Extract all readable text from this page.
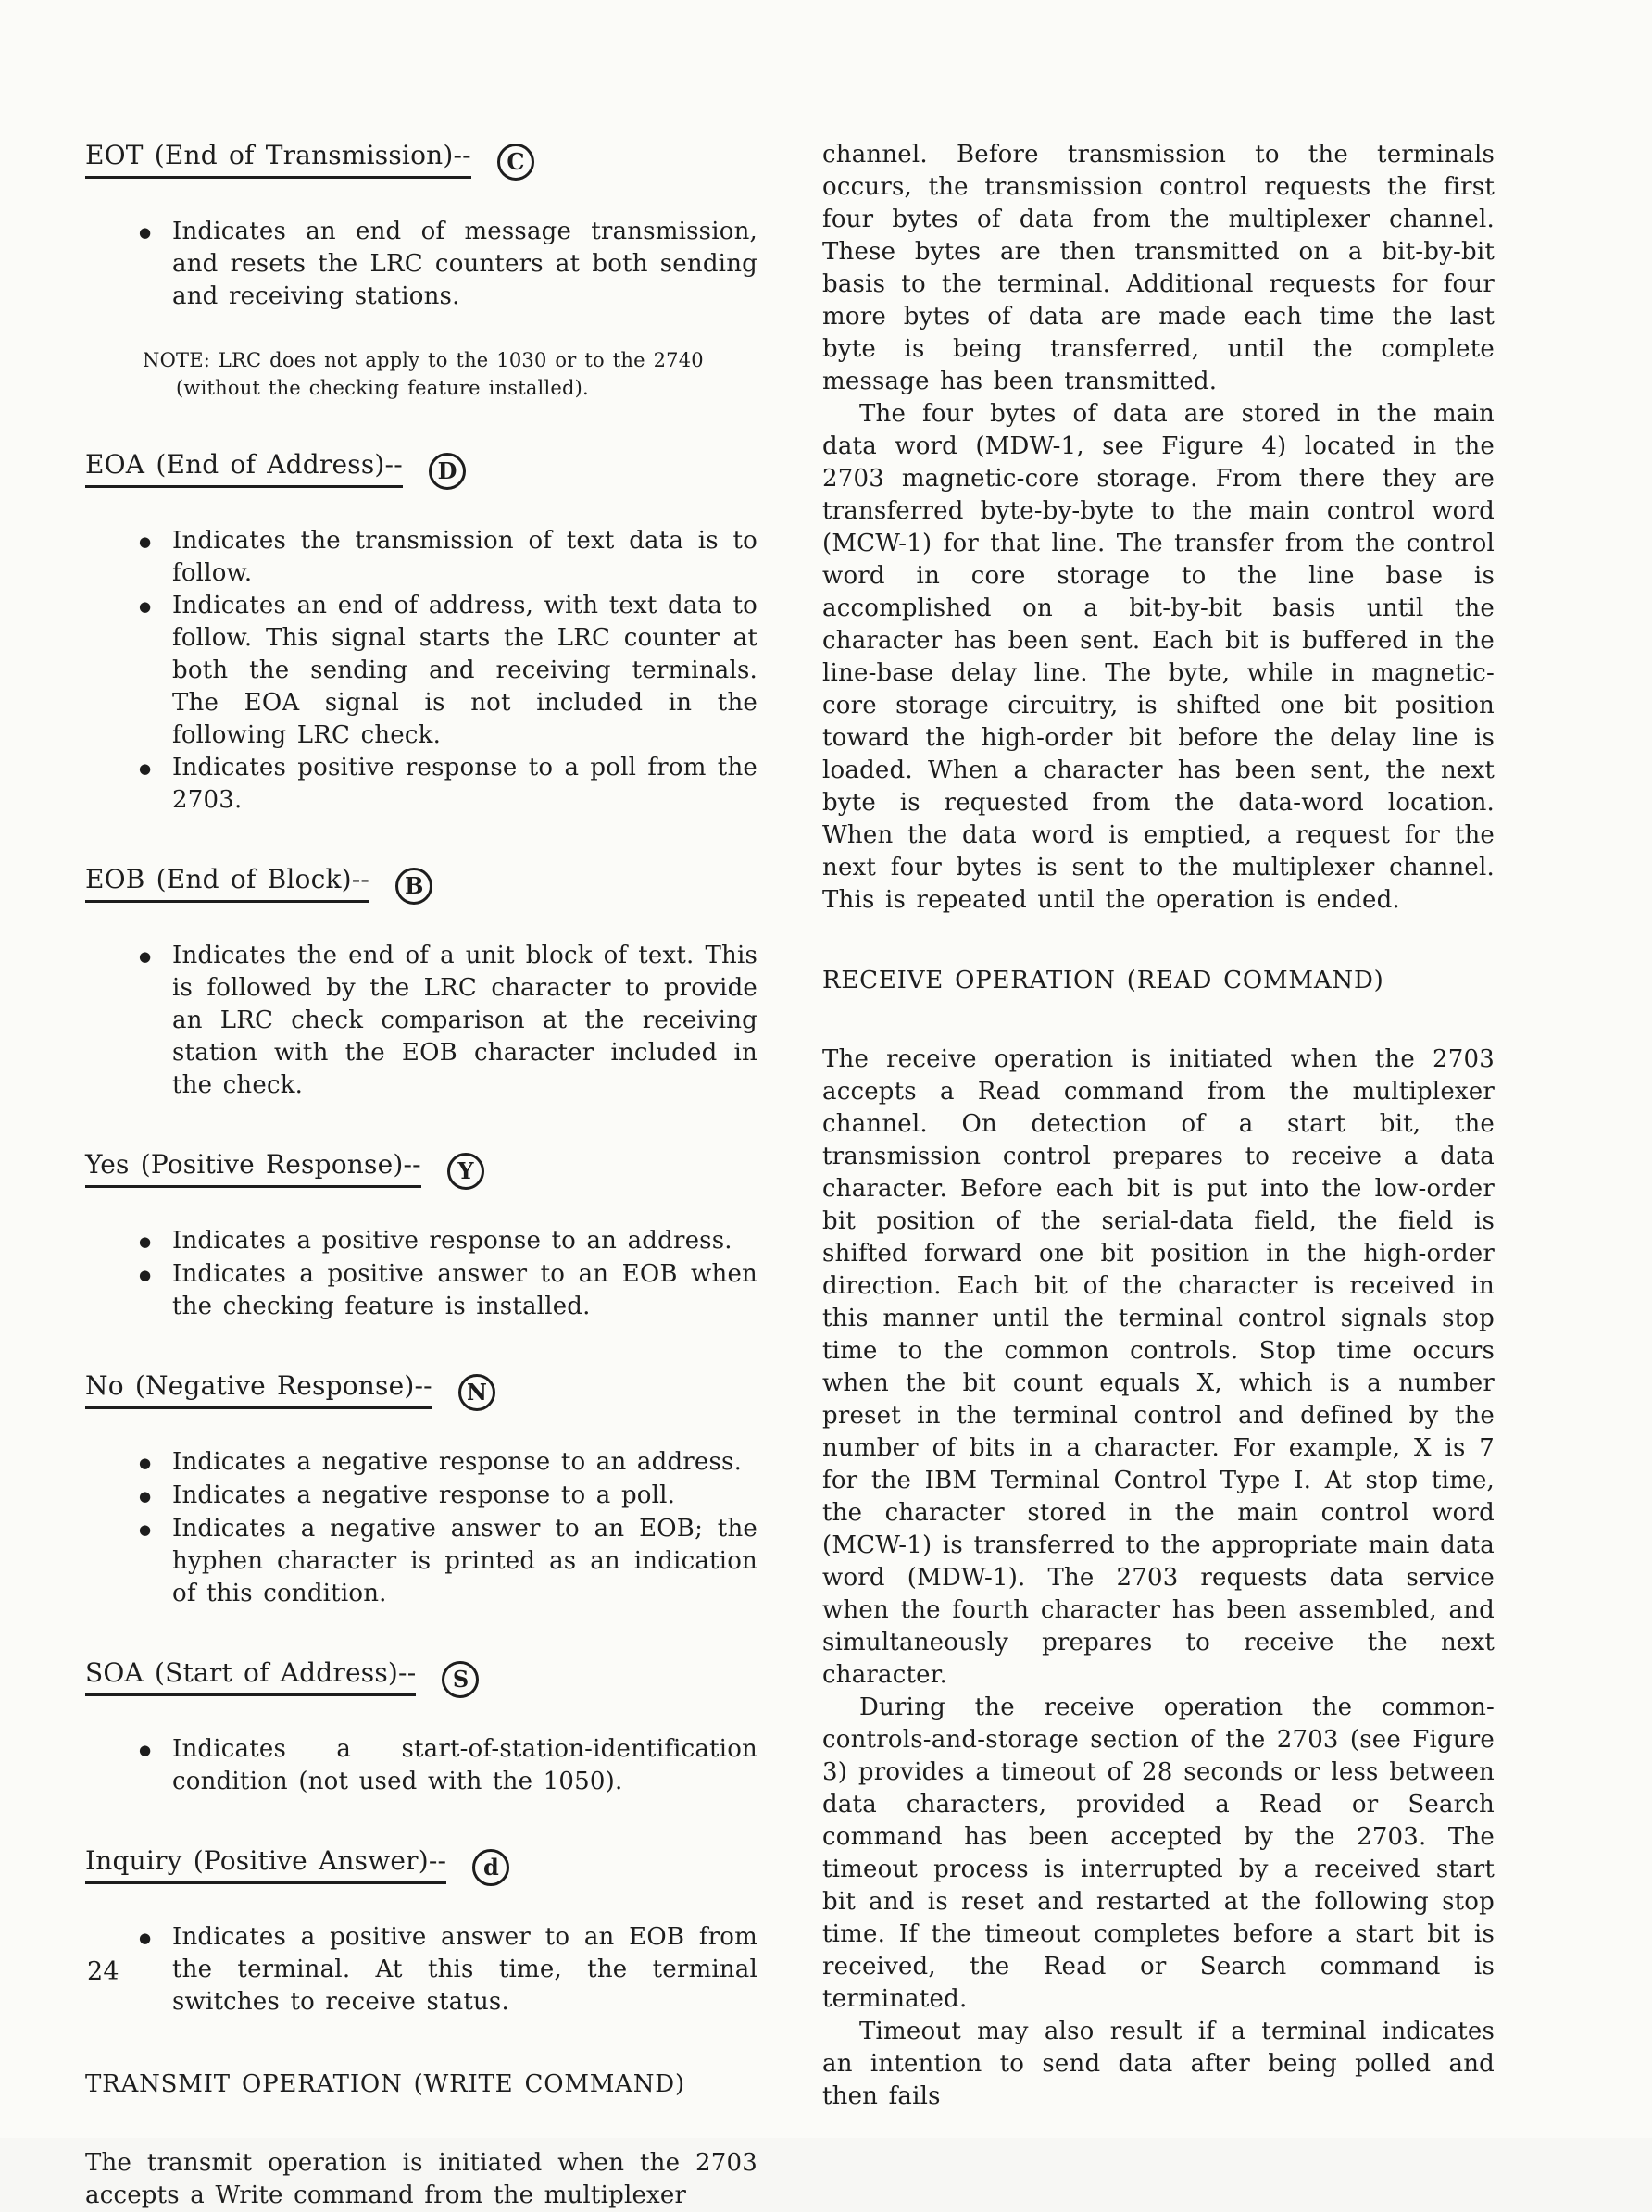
EOT (End of Transmission)-- C
● Indicates an end of message transmission, and resets the LRC counters at both sending and receiving stations.

NOTE: LRC does not apply to the 1030 or to the 2740 (without the checking feature installed).

EOA (End of Address)-- D
● Indicates the transmission of text data is to follow.
● Indicates an end of address, with text data to follow. This signal starts the LRC counter at both the sending and receiving terminals. The EOA signal is not included in the following LRC check.
● Indicates positive response to a poll from the 2703.
EOB (End of Block)-- B
● Indicates the end of a unit block of text. This is followed by the LRC character to provide an LRC check comparison at the receiving station with the EOB character included in the check.
Yes (Positive Response)-- Y
● Indicates a positive response to an address.
● Indicates a positive answer to an EOB when the checking feature is installed.
No (Negative Response)-- N
● Indicates a negative response to an address.
● Indicates a negative response to a poll.
● Indicates a negative answer to an EOB; the hyphen character is printed as an indication of this condition.
SOA (Start of Address)-- S
● Indicates a start-of-station-identification condition (not used with the 1050).
Inquiry (Positive Answer)-- d
● Indicates a positive answer to an EOB from the terminal. At this time, the terminal switches to receive status.
TRANSMIT OPERATION (WRITE COMMAND)

The transmit operation is initiated when the 2703 accepts a Write command from the multiplexer

channel. Before transmission to the terminals occurs, the transmission control requests the first four bytes of data from the multiplexer channel. These bytes are then transmitted on a bit-by-bit basis to the terminal. Additional requests for four more bytes of data are made each time the last byte is being transferred, until the complete message has been transmitted.

The four bytes of data are stored in the main data word (MDW-1, see Figure 4) located in the 2703 magnetic-core storage. From there they are transferred byte-by-byte to the main control word (MCW-1) for that line. The transfer from the control word in core storage to the line base is accomplished on a bit-by-bit basis until the character has been sent. Each bit is buffered in the line-base delay line. The byte, while in magnetic-core storage circuitry, is shifted one bit position toward the high-order bit before the delay line is loaded. When a character has been sent, the next byte is requested from the data-word location. When the data word is emptied, a request for the next four bytes is sent to the multiplexer channel. This is repeated until the operation is ended.

RECEIVE OPERATION (READ COMMAND)

The receive operation is initiated when the 2703 accepts a Read command from the multiplexer channel. On detection of a start bit, the transmission control prepares to receive a data character. Before each bit is put into the low-order bit position of the serial-data field, the field is shifted forward one bit position in the high-order direction. Each bit of the character is received in this manner until the terminal control signals stop time to the common controls. Stop time occurs when the bit count equals X, which is a number preset in the terminal control and defined by the number of bits in a character. For example, X is 7 for the IBM Terminal Control Type I. At stop time, the character stored in the main control word (MCW-1) is transferred to the appropriate main data word (MDW-1). The 2703 requests data service when the fourth character has been assembled, and simultaneously prepares to receive the next character.

During the receive operation the common-controls-and-storage section of the 2703 (see Figure 3) provides a timeout of 28 seconds or less between data characters, provided a Read or Search command has been accepted by the 2703. The timeout process is interrupted by a received start bit and is reset and restarted at the following stop time. If the timeout completes before a start bit is received, the Read or Search command is terminated.

Timeout may also result if a terminal indicates an intention to send data after being polled and then fails

24
